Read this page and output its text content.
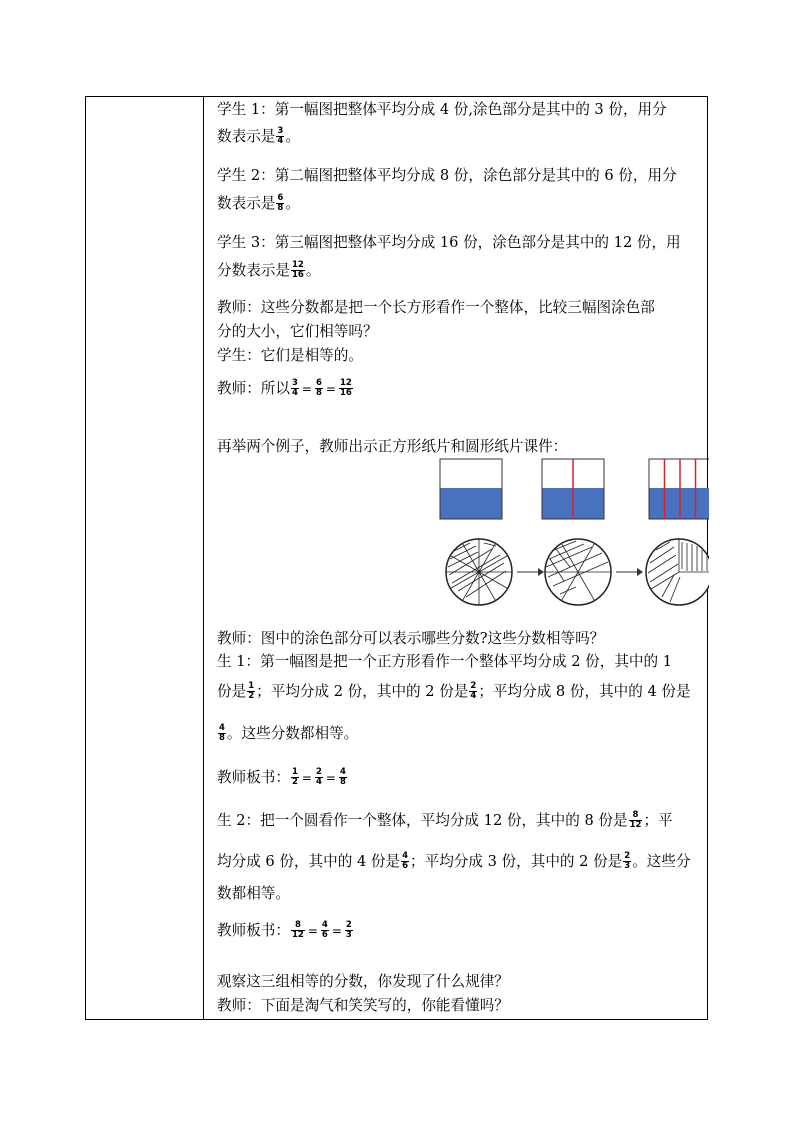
学生 1：第一幅图把整体平均分成 4 份,涂色部分是其中的 3 份，用分
数表示是 $\frac{3}{4}$ 。
学生 2：第二幅图把整体平均分成 8 份，涂色部分是其中的 6 份，用分
数表示是 $\frac{6}{8}$ 。
学生 3：第三幅图把整体平均分成 16 份，涂色部分是其中的 12 份，用
分数表示是 $\frac{12}{16}$ 。
教师：这些分数都是把一个长方形看作一个整体，比较三幅图涂色部
分的大小，它们相等吗？
学生：它们是相等的。
教师：所以 $\frac{3}{4} = \frac{6}{8} = \frac{12}{16}$
再举两个例子，教师出示正方形纸片和圆形纸片课件：
教师：图中的涂色部分可以表示哪些分数?这些分数相等吗？
生 1：第一幅图是把一个正方形看作一个整体平均分成 2 份，其中的 1
份是 $\frac{1}{2}$ ；平均分成 2 份，其中的 2 份是 $\frac{2}{4}$ ；平均分成 8 份，其中的 4 份是
$\frac{4}{8}$ 。这些分数都相等。
教师板书： $\frac{1}{2} = \frac{2}{4} = \frac{4}{8}$
生 2：把一个圆看作一个整体，平均分成 12 份，其中的 8 份是 $\frac{8}{12}$ ；平
均分成 6 份，其中的 4 份是 $\frac{4}{6}$ ；平均分成 3 份，其中的 2 份是 $\frac{2}{3}$ 。这些分
数都相等。
教师板书： $\frac{8}{12} = \frac{4}{6} = \frac{2}{3}$
观察这三组相等的分数，你发现了什么规律？
教师：下面是淘气和笑笑写的，你能看懂吗？
